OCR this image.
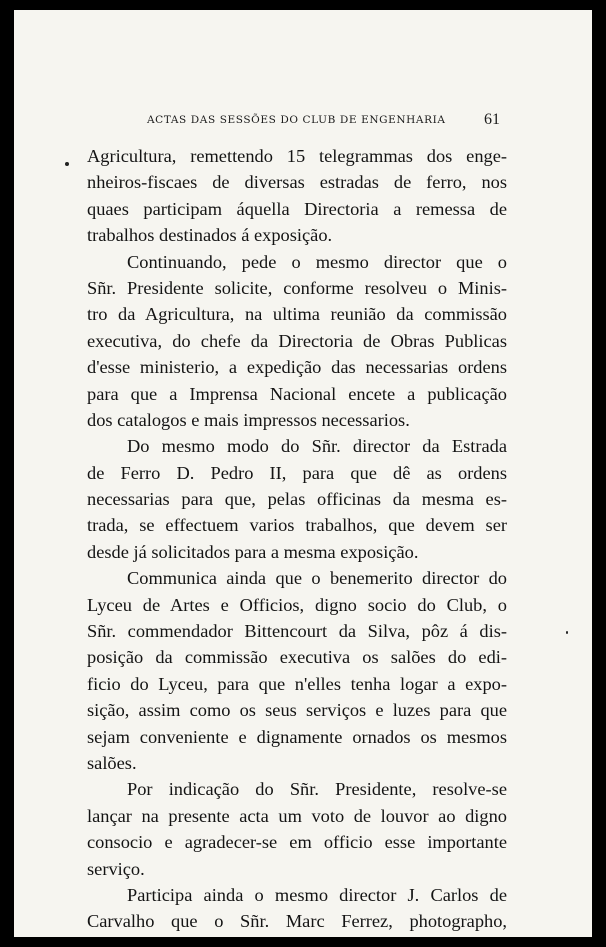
ACTAS DAS SESSÕES DO CLUB DE ENGENHARIA 61
Agricultura, remettendo 15 telegrammas dos enge-
nheiros-fiscaes de diversas estradas de ferro, nos
quaes participam áquella Directoria a remessa de
trabalhos destinados á exposição.
Continuando, pede o mesmo director que o
Sñr. Presidente solicite, conforme resolveu o Minis-
tro da Agricultura, na ultima reunião da commissão
executiva, do chefe da Directoria de Obras Publicas
d'esse ministerio, a expedição das necessarias ordens
para que a Imprensa Nacional encete a publicação
dos catalogos e mais impressos necessarios.
Do mesmo modo do Sñr. director da Estrada
de Ferro D. Pedro II, para que dê as ordens
necessarias para que, pelas officinas da mesma es-
trada, se effectuem varios trabalhos, que devem ser
desde já solicitados para a mesma exposição.
Communica ainda que o benemerito director do
Lyceu de Artes e Officios, digno socio do Club, o
Sñr. commendador Bittencourt da Silva, pôz á dis-
posição da commissão executiva os salões do edi-
ficio do Lyceu, para que n'elles tenha logar a expo-
sição, assim como os seus serviços e luzes para que
sejam conveniente e dignamente ornados os mesmos
salões.
Por indicação do Sñr. Presidente, resolve-se
lançar na presente acta um voto de louvor ao digno
consocio e agradecer-se em officio esse importante
serviço.
Participa ainda o mesmo director J. Carlos de
Carvalho que o Sñr. Marc Ferrez, photographo,
